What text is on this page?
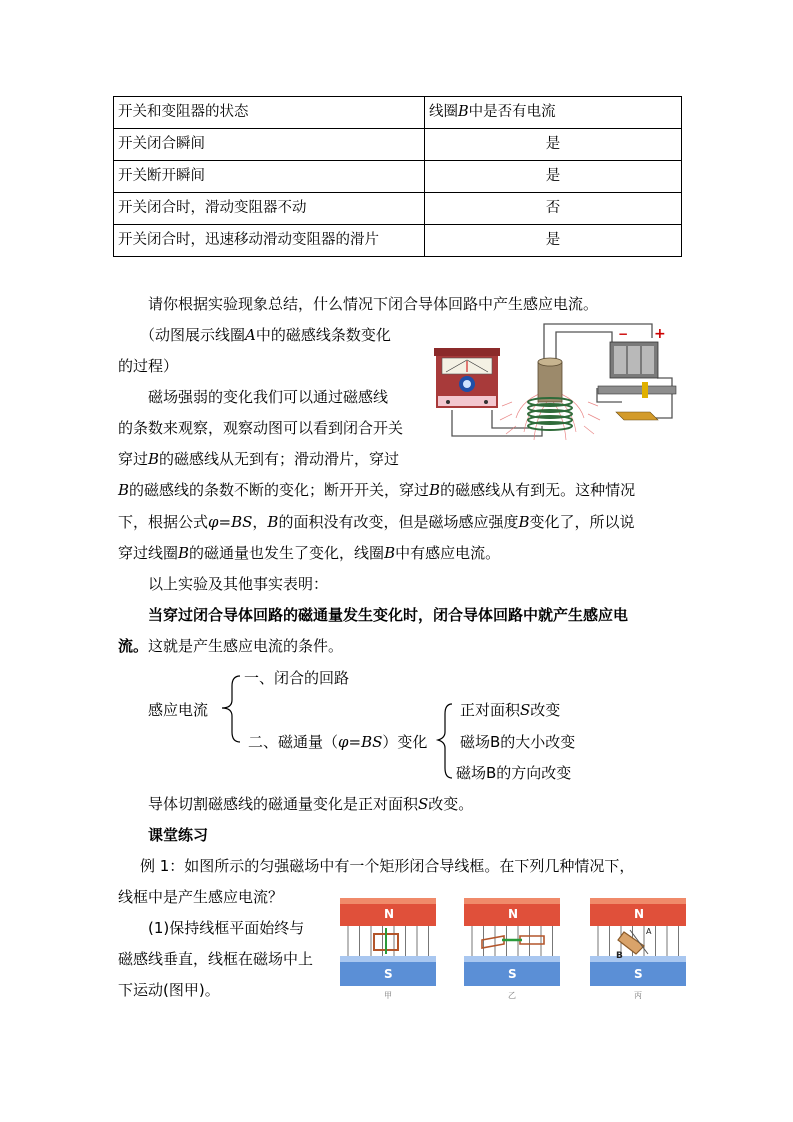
开关和变阻器的状态	线圈B中是否有电流
开关闭合瞬间	是
开关断开瞬间	是
开关闭合时，滑动变阻器不动	否
开关闭合时，迅速移动滑动变阻器的滑片	是
请你根据实验现象总结，什么情况下闭合导体回路中产生感应电流。
（动图展示线圈A中的磁感线条数变化
的过程）
磁场强弱的变化我们可以通过磁感线
的条数来观察，观察动图可以看到闭合开关
穿过B的磁感线从无到有；滑动滑片，穿过
B的磁感线的条数不断的变化；断开开关，穿过B的磁感线从有到无。这种情况
下，根据公式φ=BS，B的面积没有改变，但是磁场感应强度B变化了，所以说
穿过线圈B的磁通量也发生了变化，线圈B中有感应电流。
以上实验及其他事实表明：
当穿过闭合导体回路的磁通量发生变化时，闭合导体回路中就产生感应电
流。这就是产生感应电流的条件。
感应电流
一、闭合的回路
二、磁通量（φ=BS）变化
正对面积S改变
磁场B的大小改变
磁场B的方向改变
导体切割磁感线的磁通量变化是正对面积S改变。
课堂练习
例 1：如图所示的匀强磁场中有一个矩形闭合导线框。在下列几种情况下，
线框中是产生感应电流？
(1)保持线框平面始终与
磁感线垂直，线框在磁场中上
下运动(图甲)。
− +
N
S
甲
N
S
乙
N
S
丙
A
B
